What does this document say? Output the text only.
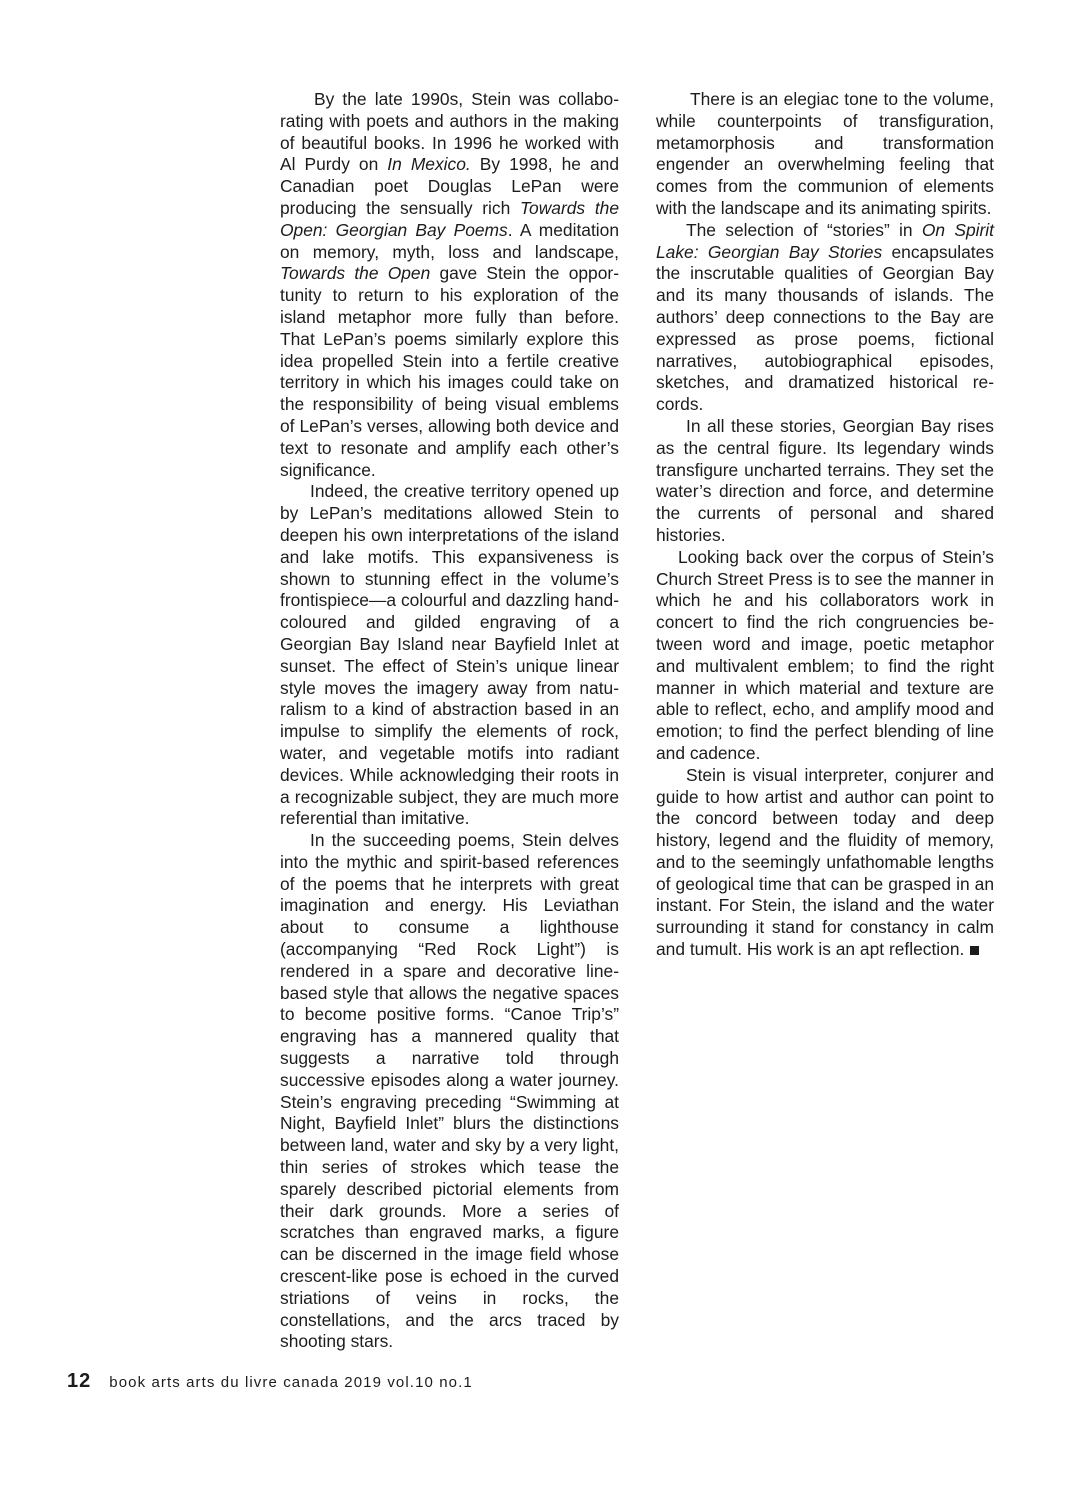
By the late 1990s, Stein was collaborating with poets and authors in the making of beautiful books. In 1996 he worked with Al Purdy on In Mexico. By 1998, he and Canadian poet Douglas LePan were producing the sensually rich Towards the Open: Georgian Bay Poems. A meditation on memory, myth, loss and landscape, Towards the Open gave Stein the opportunity to return to his exploration of the island metaphor more fully than before. That LePan’s poems similarly explore this idea propelled Stein into a fertile creative territory in which his images could take on the responsibility of being visual emblems of LePan’s verses, allowing both device and text to resonate and amplify each other’s significance.

Indeed, the creative territory opened up by LePan’s meditations allowed Stein to deepen his own interpretations of the island and lake motifs. This expansiveness is shown to stunning effect in the volume’s frontispiece—a colourful and dazzling hand-coloured and gilded engraving of a Georgian Bay Island near Bayfield Inlet at sunset. The effect of Stein’s unique linear style moves the imagery away from naturalism to a kind of abstraction based in an impulse to simplify the elements of rock, water, and vegetable motifs into radiant devices. While acknowledging their roots in a recognizable subject, they are much more referential than imitative.

In the succeeding poems, Stein delves into the mythic and spirit-based references of the poems that he interprets with great imagination and energy. His Leviathan about to consume a lighthouse (accompanying “Red Rock Light”) is rendered in a spare and decorative line-based style that allows the negative spaces to become positive forms. “Canoe Trip’s” engraving has a mannered quality that suggests a narrative told through successive episodes along a water journey. Stein’s engraving preceding “Swimming at Night, Bayfield Inlet” blurs the distinctions between land, water and sky by a very light, thin series of strokes which tease the sparely described pictorial elements from their dark grounds. More a series of scratches than engraved marks, a figure can be discerned in the image field whose crescent-like pose is echoed in the curved striations of veins in rocks, the constellations, and the arcs traced by shooting stars.

There is an elegiac tone to the volume, while counterpoints of transfiguration, metamorphosis and transformation engender an overwhelming feeling that comes from the communion of elements with the landscape and its animating spirits.

The selection of “stories” in On Spirit Lake: Georgian Bay Stories encapsulates the inscrutable qualities of Georgian Bay and its many thousands of islands. The authors’ deep connections to the Bay are expressed as prose poems, fictional narratives, autobiographical episodes, sketches, and dramatized historical records.

In all these stories, Georgian Bay rises as the central figure. Its legendary winds transfigure uncharted terrains. They set the water’s direction and force, and determine the currents of personal and shared histories.

Looking back over the corpus of Stein’s Church Street Press is to see the manner in which he and his collaborators work in concert to find the rich congruencies between word and image, poetic metaphor and multivalent emblem; to find the right manner in which material and texture are able to reflect, echo, and amplify mood and emotion; to find the perfect blending of line and cadence.

Stein is visual interpreter, conjurer and guide to how artist and author can point to the concord between today and deep history, legend and the fluidity of memory, and to the seemingly unfathomable lengths of geological time that can be grasped in an instant. For Stein, the island and the water surrounding it stand for constancy in calm and tumult. His work is an apt reflection.

12 book arts arts du livre canada 2019 vol.10 no.1
